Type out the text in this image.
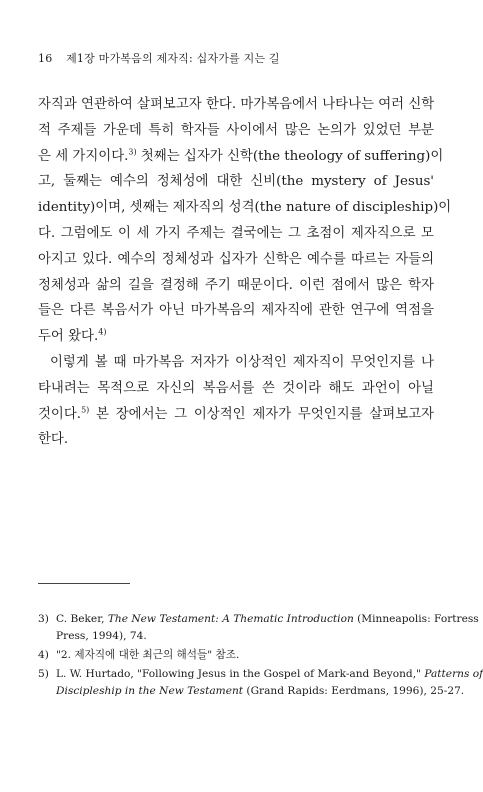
16 제1장 마가복음의 제자직: 십자가를 지는 길
자직과 연관하여 살펴보고자 한다. 마가복음에서 나타나는 여러 신학
적 주제들 가운데 특히 학자들 사이에서 많은 논의가 있었던 부분
은 세 가지이다.$^{3)}$ 첫째는 십자가 신학(the theology of suffering)이
고, 둘째는 예수의 정체성에 대한 신비(the mystery of Jesus'
identity)이며, 셋째는 제자직의 성격(the nature of discipleship)이
다. 그럼에도 이 세 가지 주제는 결국에는 그 초점이 제자직으로 모
아지고 있다. 예수의 정체성과 십자가 신학은 예수를 따르는 자들의
정체성과 삶의 길을 결정해 주기 때문이다. 이런 점에서 많은 학자
들은 다른 복음서가 아닌 마가복음의 제자직에 관한 연구에 역점을
두어 왔다.$^{4)}$
이렇게 볼 때 마가복음 저자가 이상적인 제자직이 무엇인지를 나
타내려는 목적으로 자신의 복음서를 쓴 것이라 해도 과언이 아닐
것이다.$^{5)}$ 본 장에서는 그 이상적인 제자가 무엇인지를 살펴보고자
한다.
3) C. Beker, The New Testament: A Thematic Introduction (Minneapolis: Fortress
Press, 1994), 74.
4) "2. 제자직에 대한 최근의 해석들" 참조.
5) L. W. Hurtado, "Following Jesus in the Gospel of Mark-and Beyond," Patterns of
Discipleship in the New Testament (Grand Rapids: Eerdmans, 1996), 25-27.
